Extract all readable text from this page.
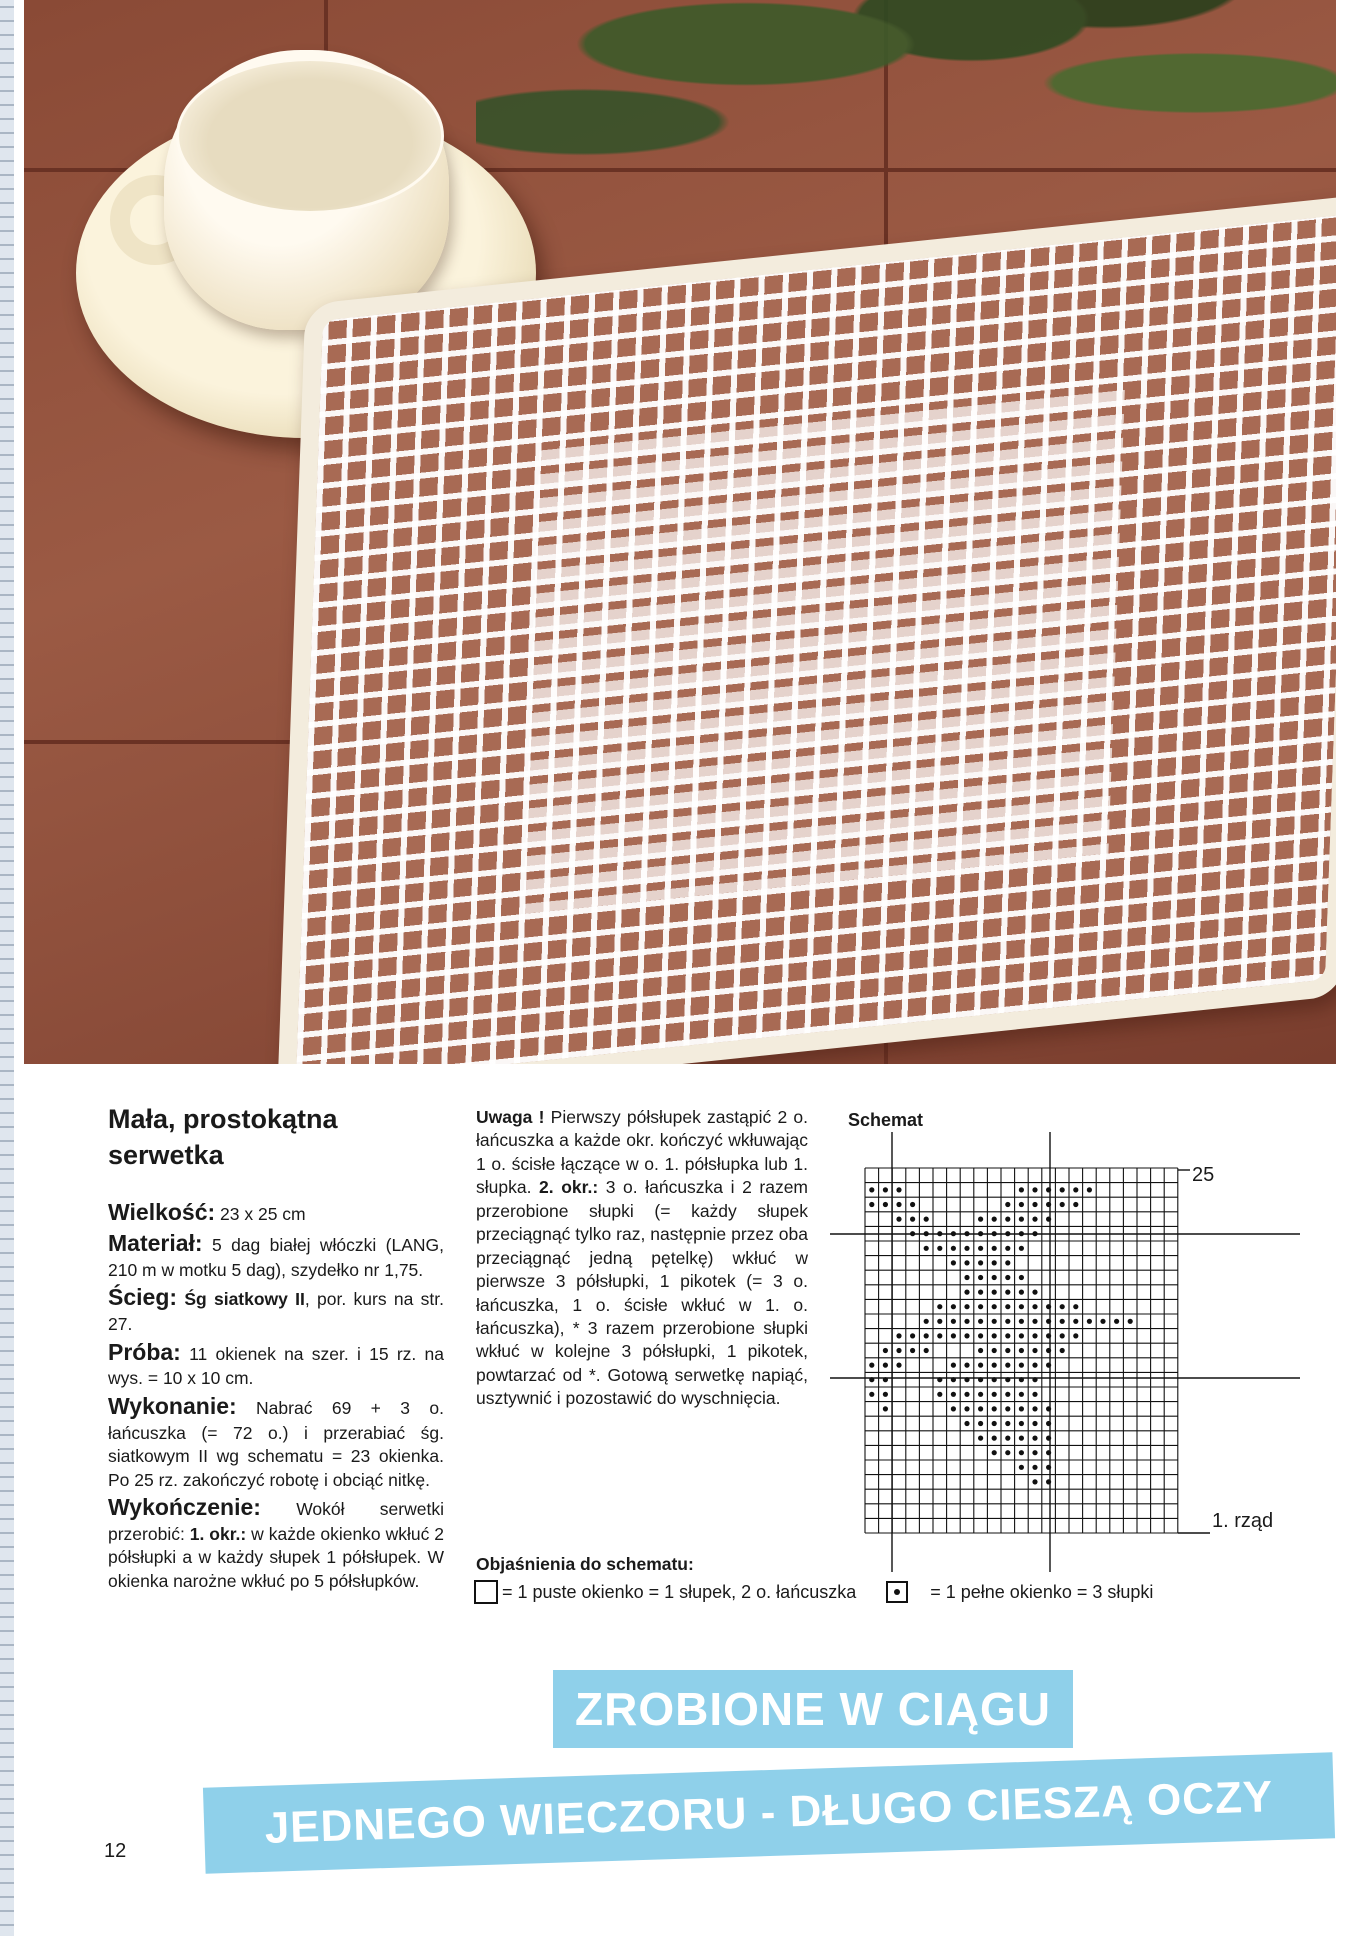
Mała, prostokątna
serwetka

Wielkość: 23 x 25 cm

Materiał: 5 dag białej włóczki (LANG, 210 m w motku 5 dag), szydełko nr 1,75.

Ścieg: Śg siatkowy II, por. kurs na str. 27.

Próba: 11 okienek na szer. i 15 rz. na wys. = 10 x 10 cm.

Wykonanie: Nabrać 69 + 3 o. łańcuszka (= 72 o.) i przerabiać śg. siatkowym II wg schematu = 23 okienka. Po 25 rz. zakończyć robotę i obciąć nitkę.

Wykończenie: Wokół serwetki przerobić: 1. okr.: w każde okienko wkłuć 2 półsłupki a w każdy słupek 1 półsłupek. W okienka narożne wkłuć po 5 półsłupków.

Uwaga ! Pierwszy półsłupek zastąpić 2 o. łańcuszka a każde okr. kończyć wkłuwając 1 o. ścisłe łączące w o. 1. półsłupka lub 1. słupka. 2. okr.: 3 o. łańcuszka i 2 razem przerobione słupki (= każdy słupek przeciągnąć tylko raz, następnie przez oba przeciągnąć jedną pętelkę) wkłuć w pierwsze 3 półsłupki, 1 pikotek (= 3 o. łańcuszka, 1 o. ścisłe wkłuć w 1. o. łańcuszka), * 3 razem przerobione słupki wkłuć w kolejne 3 półsłupki, 1 pikotek, powtarzać od *. Gotową serwetkę napiąć, usztywnić i pozostawić do wyschnięcia.

Objaśnienia do schematu:
= 1 puste okienko = 1 słupek, 2 o. łańcuszka	= 1 pełne okienko = 3 słupki
Schemat
25
1. rząd
ZROBIONE W CIĄGU
JEDNEGO WIECZORU - DŁUGO CIESZĄ OCZY
12
